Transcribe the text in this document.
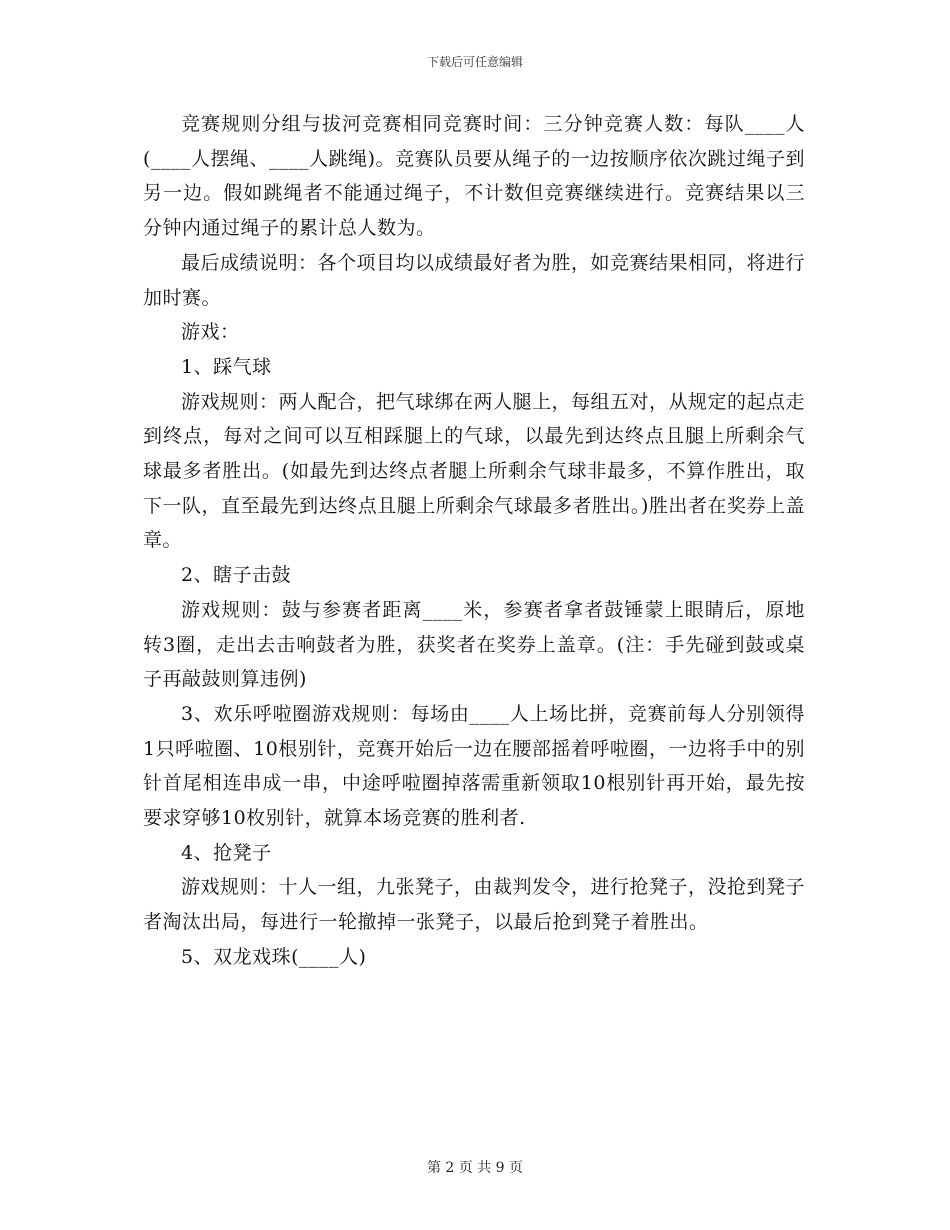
下载后可任意编辑

竞赛规则分组与拔河竞赛相同竞赛时间：三分钟竞赛人数：每队____人(____人摆绳、____人跳绳)。竞赛队员要从绳子的一边按顺序依次跳过绳子到另一边。假如跳绳者不能通过绳子，不计数但竞赛继续进行。竞赛结果以三分钟内通过绳子的累计总人数为。

最后成绩说明：各个项目均以成绩最好者为胜，如竞赛结果相同，将进行加时赛。

游戏：

1、踩气球

游戏规则：两人配合，把气球绑在两人腿上，每组五对，从规定的起点走到终点，每对之间可以互相踩腿上的气球，以最先到达终点且腿上所剩余气球最多者胜出。(如最先到达终点者腿上所剩余气球非最多，不算作胜出，取下一队，直至最先到达终点且腿上所剩余气球最多者胜出。)胜出者在奖券上盖章。

2、瞎子击鼓

游戏规则：鼓与参赛者距离____米，参赛者拿者鼓锤蒙上眼睛后，原地转3圈，走出去击响鼓者为胜，获奖者在奖券上盖章。(注：手先碰到鼓或桌子再敲鼓则算违例)

3、欢乐呼啦圈游戏规则：每场由____人上场比拼，竞赛前每人分别领得1只呼啦圈、10根别针，竞赛开始后一边在腰部摇着呼啦圈，一边将手中的别针首尾相连串成一串，中途呼啦圈掉落需重新领取10根别针再开始，最先按要求穿够10枚别针，就算本场竞赛的胜利者.

4、抢凳子

游戏规则：十人一组，九张凳子，由裁判发令，进行抢凳子，没抢到凳子者淘汰出局，每进行一轮撤掉一张凳子，以最后抢到凳子着胜出。

5、双龙戏珠(____人)

第 2 页 共 9 页
